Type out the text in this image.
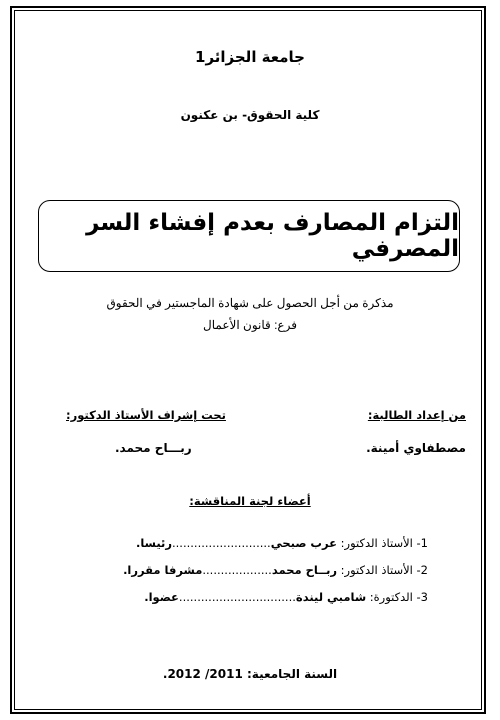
جامعة الجزائر1
كلية الحقوق- بن عكنون
التزام المصارف بعدم إفشاء السر المصرفي
مذكرة من أجل الحصول على شهادة الماجستير في الحقوق
فرع: قانون الأعمال
من إعداد الطالبة:
تحت إشراف الأستاذ الدكتور:
مصطفاوي أمينة.
ربـــاح محمد.
أعضاء لجنة المناقشة:
1- الأستاذ الدكتور: عرب صبحي...........................رئيسا.
2- الأستاذ الدكتور: ربــاح محمد...................مشرفا مقررا.
3- الدكتورة: شامبي ليندة................................عضوا.
السنة الجامعية: 2011/ 2012.
